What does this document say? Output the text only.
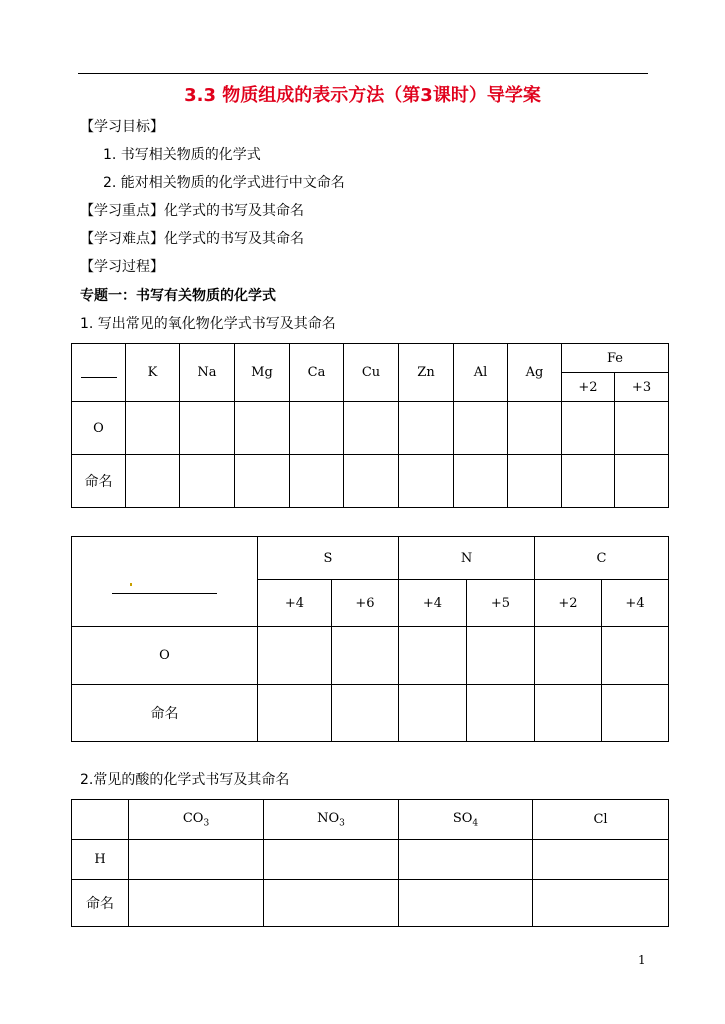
3.3 物质组成的表示方法（第3课时）导学案
【学习目标】
1. 书写相关物质的化学式
2. 能对相关物质的化学式进行中文命名
【学习重点】化学式的书写及其命名
【学习难点】化学式的书写及其命名
【学习过程】
专题一：书写有关物质的化学式
1. 写出常见的氧化物化学式书写及其命名
	K	Na	Mg	Ca	Cu	Zn	Al	Ag	Fe	
									+2	+3
O										
命名										
	S		N		C	
	+4	+6	+4	+5	+2	+4
O						
命名						
2.常见的酸的化学式书写及其命名
	$CO_3$	$NO_3$	$SO_4$	Cl
H				
命名				
1
